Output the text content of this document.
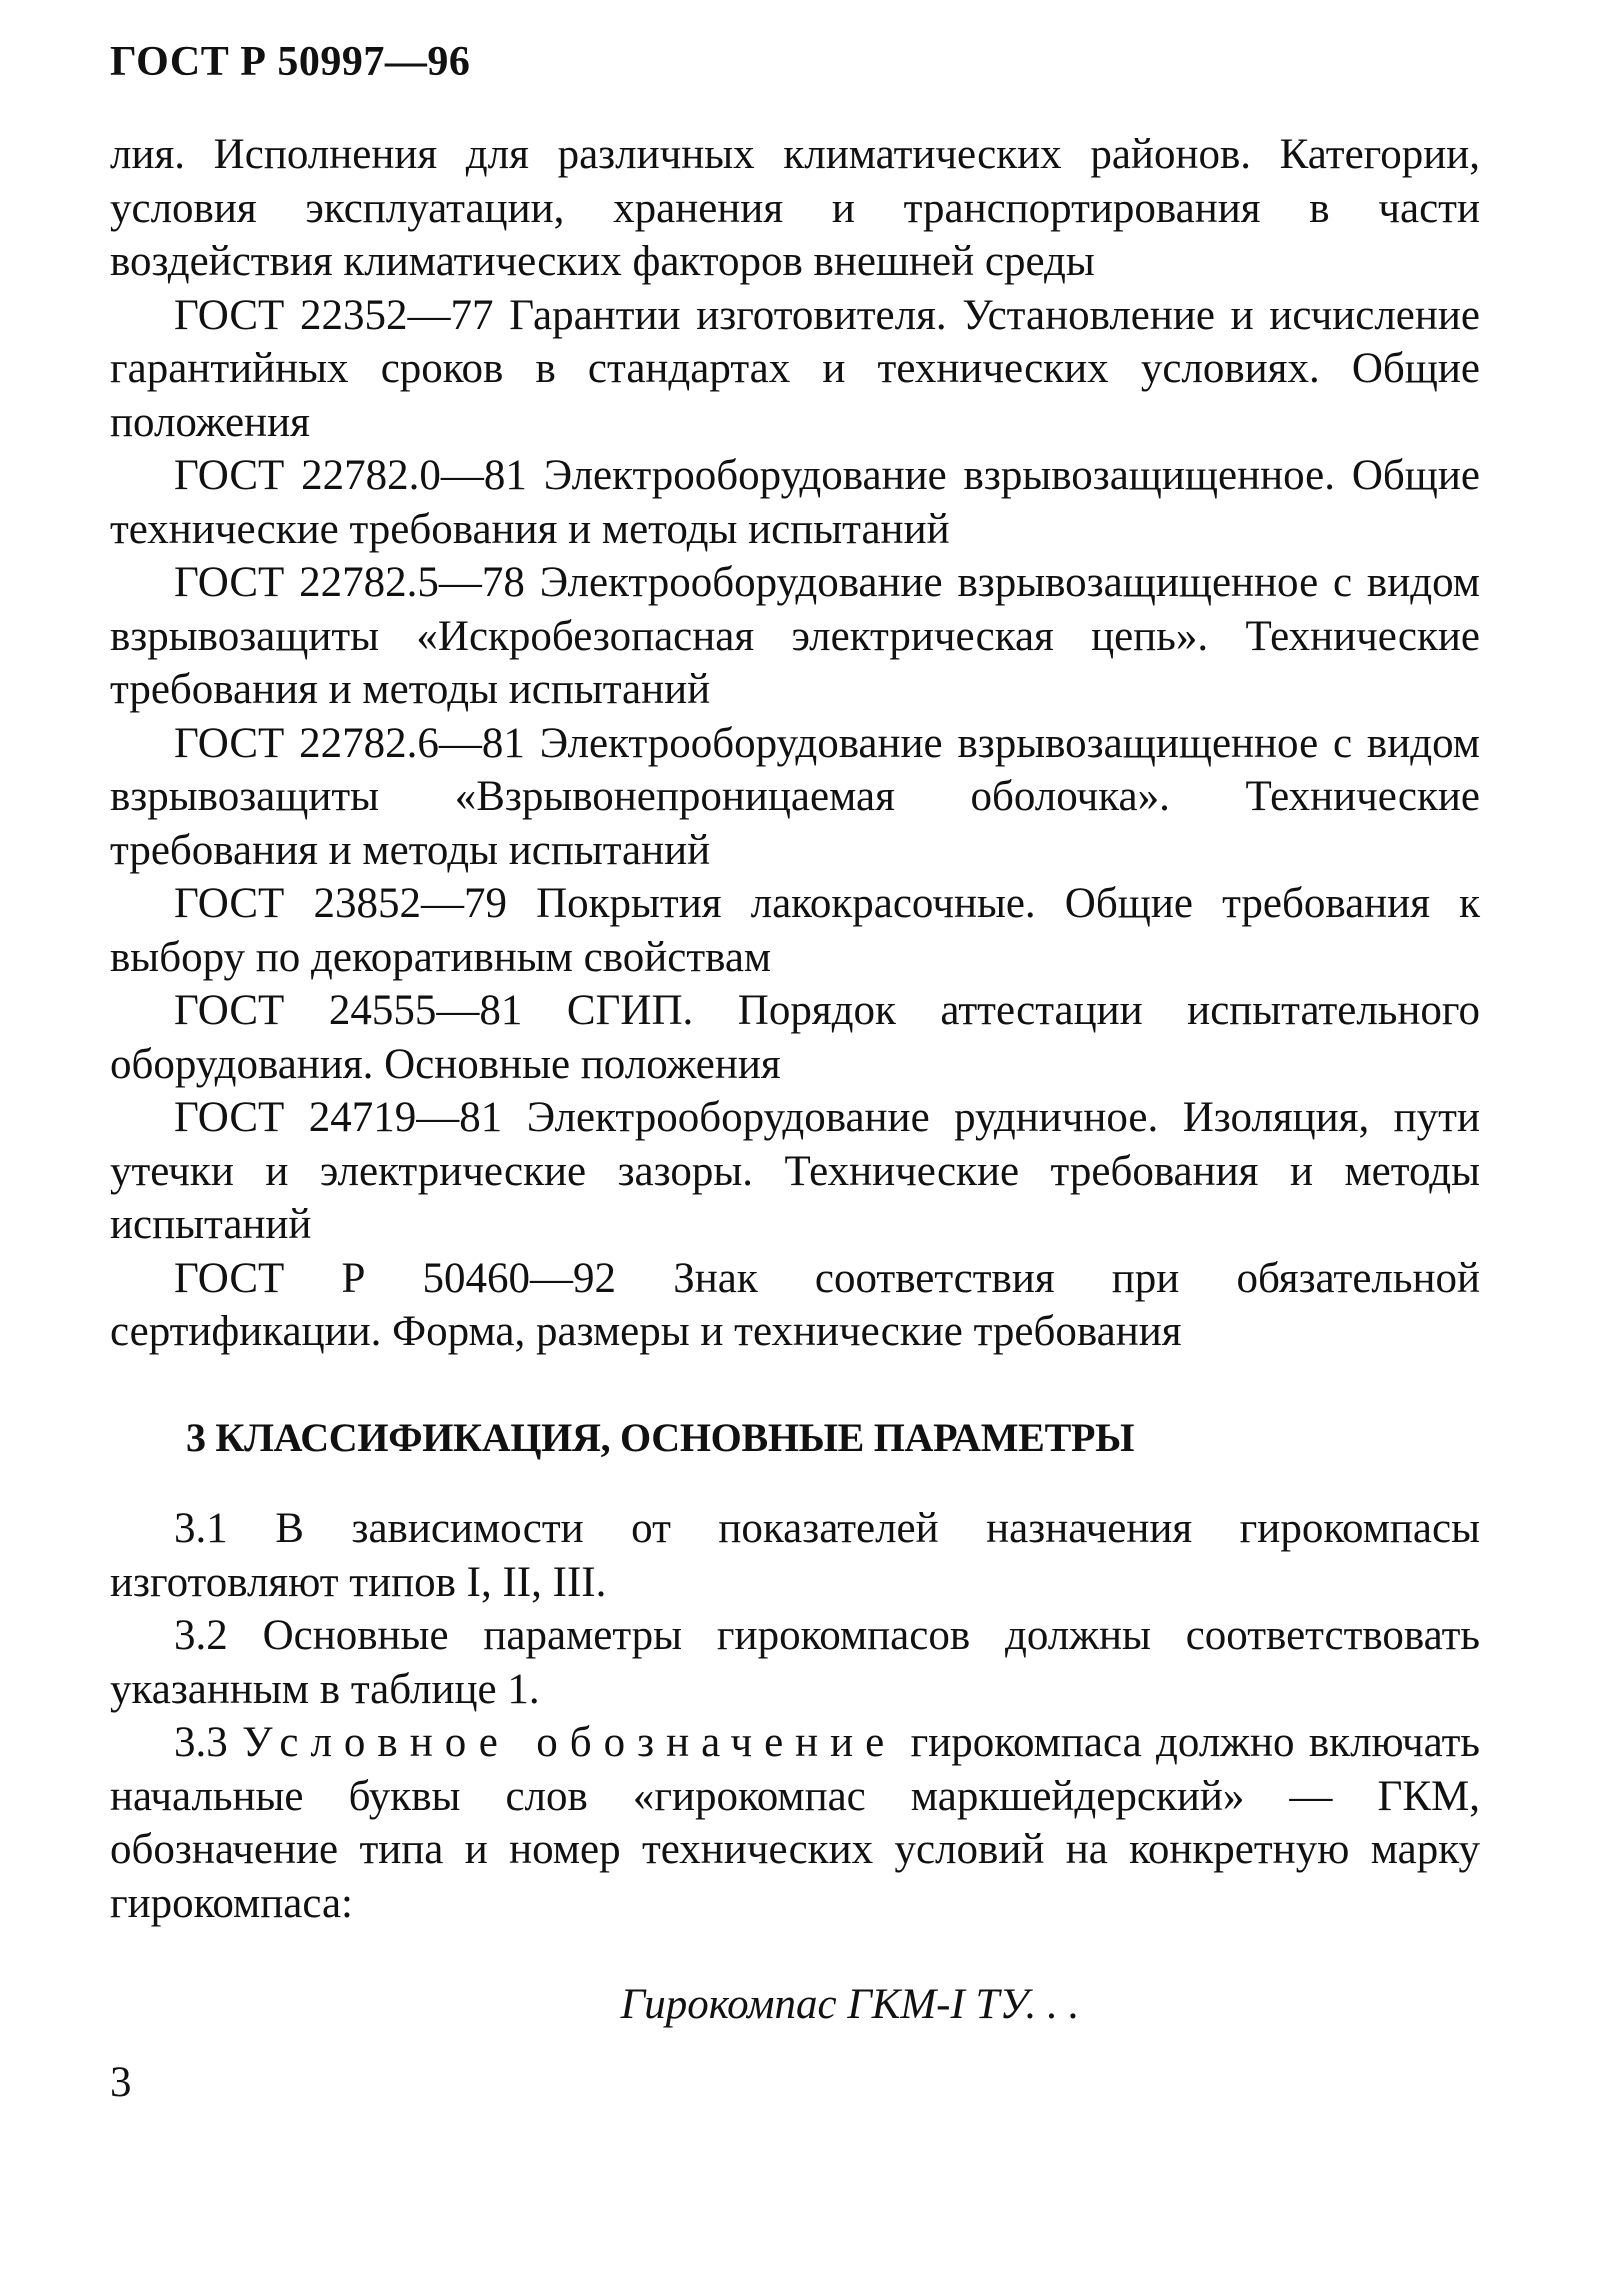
ГОСТ Р 50997—96

лия. Исполнения для различных климатических районов. Категории, условия эксплуатации, хранения и транспортирования в части воздействия климатических факторов внешней среды

ГОСТ 22352—77 Гарантии изготовителя. Установление и исчисление гарантийных сроков в стандартах и технических условиях. Общие положения

ГОСТ 22782.0—81 Электрооборудование взрывозащищенное. Общие технические требования и методы испытаний

ГОСТ 22782.5—78 Электрооборудование взрывозащищенное с видом взрывозащиты «Искробезопасная электрическая цепь». Технические требования и методы испытаний

ГОСТ 22782.6—81 Электрооборудование взрывозащищенное с видом взрывозащиты «Взрывонепроницаемая оболочка». Технические требования и методы испытаний

ГОСТ 23852—79 Покрытия лакокрасочные. Общие требования к выбору по декоративным свойствам

ГОСТ 24555—81 СГИП. Порядок аттестации испытательного оборудования. Основные положения

ГОСТ 24719—81 Электрооборудование рудничное. Изоляция, пути утечки и электрические зазоры. Технические требования и методы испытаний

ГОСТ Р 50460—92 Знак соответствия при обязательной сертификации. Форма, размеры и технические требования

3 КЛАССИФИКАЦИЯ, ОСНОВНЫЕ ПАРАМЕТРЫ

3.1 В зависимости от показателей назначения гирокомпасы изготовляют типов I, II, III.

3.2 Основные параметры гирокомпасов должны соответствовать указанным в таблице 1.

3.3 Условное обозначение гирокомпаса должно включать начальные буквы слов «гирокомпас маркшейдерский» — ГКМ, обозначение типа и номер технических условий на конкретную марку гирокомпаса:

Гирокомпас ГКМ-I ТУ. . .
3
